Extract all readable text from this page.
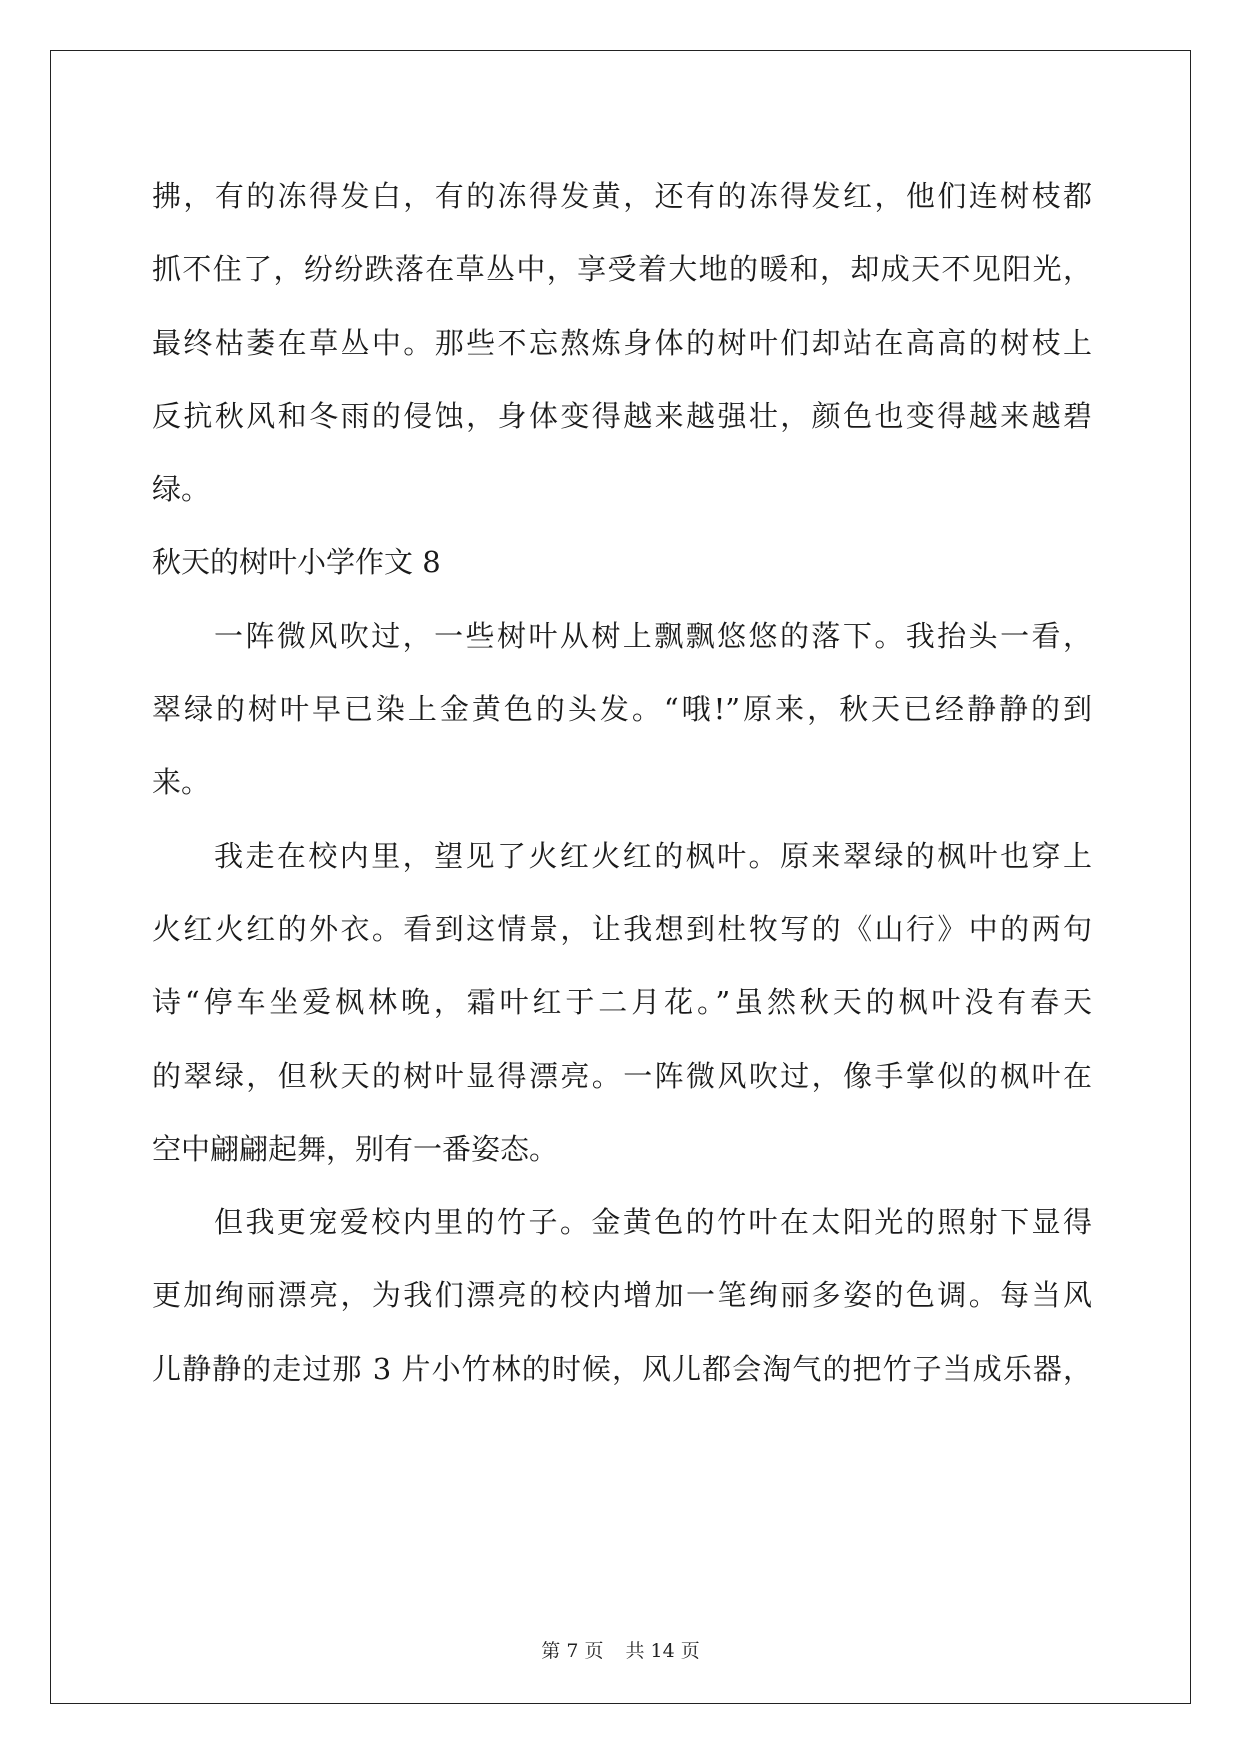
拂，有的冻得发白，有的冻得发黄，还有的冻得发红，他们连树枝都
抓不住了，纷纷跌落在草丛中，享受着大地的暖和，却成天不见阳光，
最终枯萎在草丛中。那些不忘熬炼身体的树叶们却站在高高的树枝上
反抗秋风和冬雨的侵蚀，身体变得越来越强壮，颜色也变得越来越碧
绿。
秋天的树叶小学作文 8
一阵微风吹过，一些树叶从树上飘飘悠悠的落下。我抬头一看，
翠绿的树叶早已染上金黄色的头发。“哦!”原来，秋天已经静静的到
来。
我走在校内里，望见了火红火红的枫叶。原来翠绿的枫叶也穿上
火红火红的外衣。看到这情景，让我想到杜牧写的《山行》中的两句
诗“停车坐爱枫林晚，霜叶红于二月花。”虽然秋天的枫叶没有春天
的翠绿，但秋天的树叶显得漂亮。一阵微风吹过，像手掌似的枫叶在
空中翩翩起舞，别有一番姿态。
但我更宠爱校内里的竹子。金黄色的竹叶在太阳光的照射下显得
更加绚丽漂亮，为我们漂亮的校内增加一笔绚丽多姿的色调。每当风
儿静静的走过那 3 片小竹林的时候，风儿都会淘气的把竹子当成乐器，
第 7 页 共 14 页
